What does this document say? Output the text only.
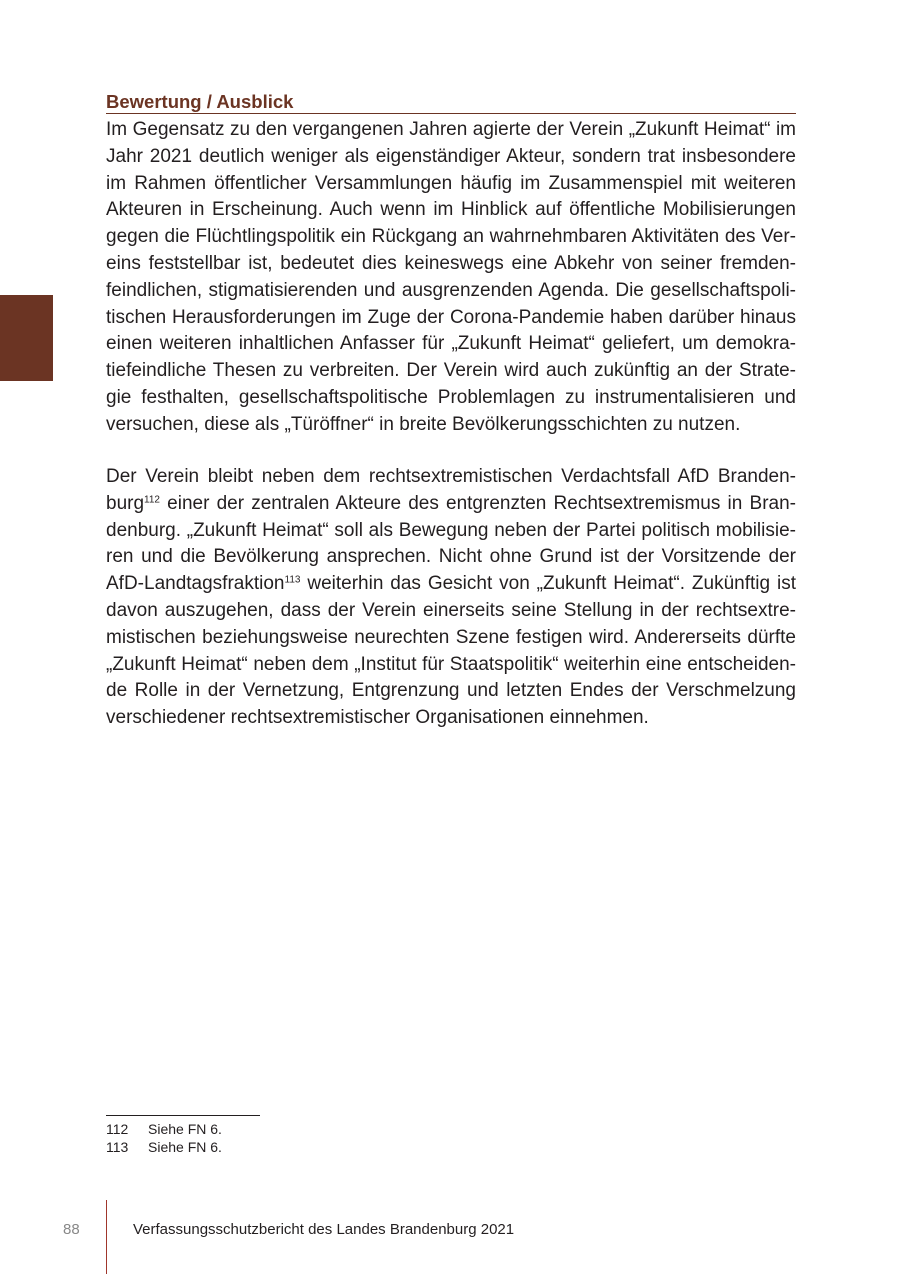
Bewertung / Ausblick
Im Gegensatz zu den vergangenen Jahren agierte der Verein „Zukunft Heimat“ im
Jahr 2021 deutlich weniger als eigenständiger Akteur, sondern trat insbesondere
im Rahmen öffentlicher Versammlungen häufig im Zusammenspiel mit weiteren
Akteuren in Erscheinung. Auch wenn im Hinblick auf öffentliche Mobilisierungen
gegen die Flüchtlingspolitik ein Rückgang an wahrnehmbaren Aktivitäten des Ver-
eins feststellbar ist, bedeutet dies keineswegs eine Abkehr von seiner fremden-
feindlichen, stigmatisierenden und ausgrenzenden Agenda. Die gesellschaftspoli-
tischen Herausforderungen im Zuge der Corona-Pandemie haben darüber hinaus
einen weiteren inhaltlichen Anfasser für „Zukunft Heimat“ geliefert, um demokra-
tiefeindliche Thesen zu verbreiten. Der Verein wird auch zukünftig an der Strate-
gie festhalten, gesellschaftspolitische Problemlagen zu instrumentalisieren und
versuchen, diese als „Türöffner“ in breite Bevölkerungsschichten zu nutzen.
Der Verein bleibt neben dem rechtsextremistischen Verdachtsfall AfD Branden-
burg$^{112}$ einer der zentralen Akteure des entgrenzten Rechtsextremismus in Bran-
denburg. „Zukunft Heimat“ soll als Bewegung neben der Partei politisch mobilisie-
ren und die Bevölkerung ansprechen. Nicht ohne Grund ist der Vorsitzende der
AfD-Landtagsfraktion$^{113}$ weiterhin das Gesicht von „Zukunft Heimat“. Zukünftig ist
davon auszugehen, dass der Verein einerseits seine Stellung in der rechtsextre-
mistischen beziehungsweise neurechten Szene festigen wird. Andererseits dürfte
„Zukunft Heimat“ neben dem „Institut für Staatspolitik“ weiterhin eine entscheiden-
de Rolle in der Vernetzung, Entgrenzung und letzten Endes der Verschmelzung
verschiedener rechtsextremistischer Organisationen einnehmen.
112 Siehe FN 6.
113 Siehe FN 6.
88	Verfassungsschutzbericht des Landes Brandenburg 2021
